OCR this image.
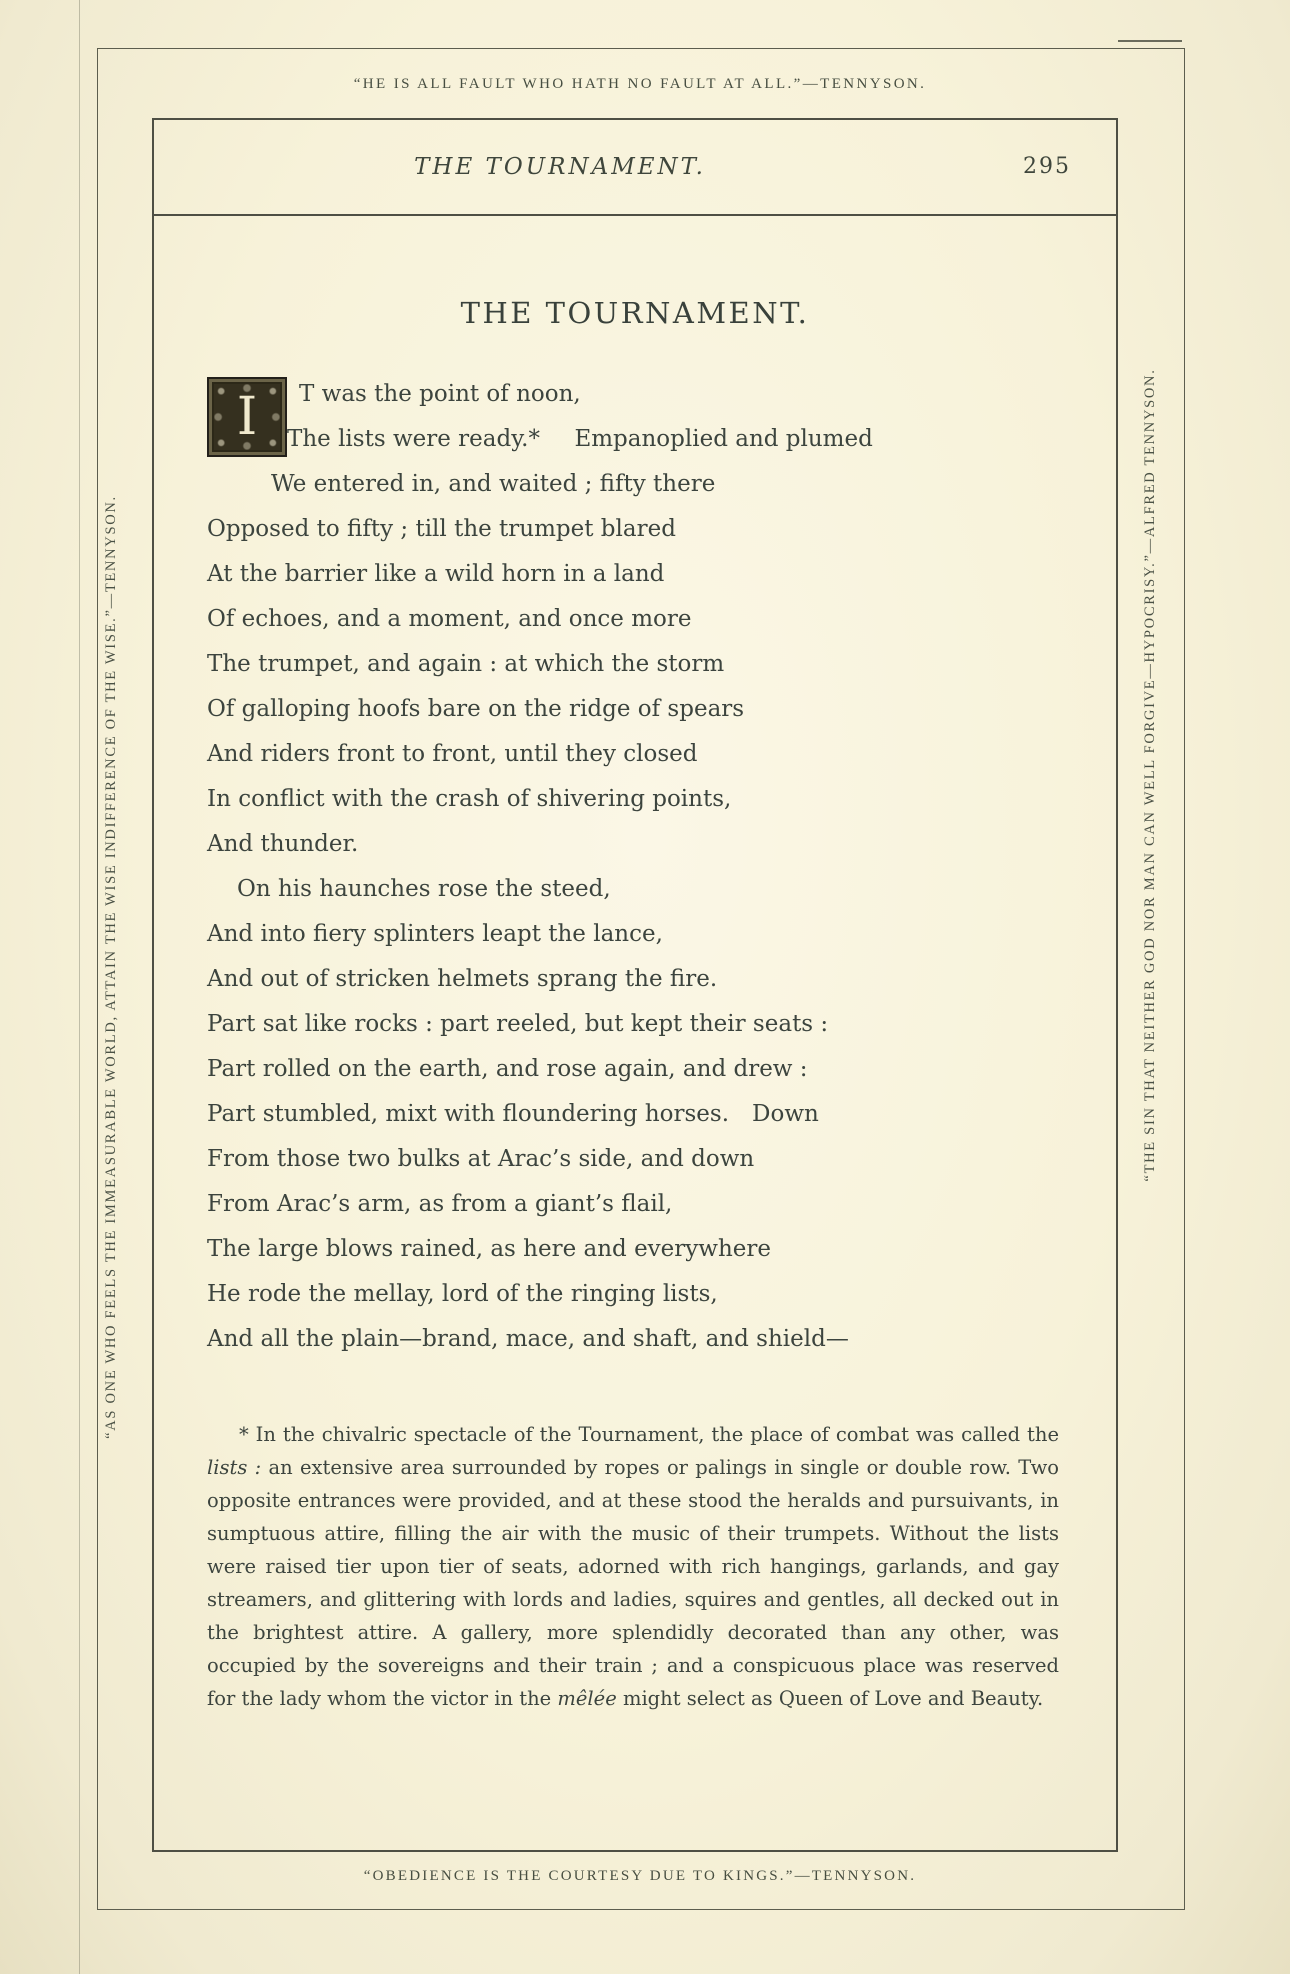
“HE IS ALL FAULT WHO HATH NO FAULT AT ALL.”—TENNYSON.
“AS ONE WHO FEELS THE IMMEASURABLE WORLD, ATTAIN THE WISE INDIFFERENCE OF THE WISE.”—TENNYSON.	“THE SIN THAT NEITHER GOD NOR MAN CAN WELL FORGIVE—HYPOCRISY.”—ALFRED TENNYSON.
THE TOURNAMENT.	295
THE TOURNAMENT.
I	T was the point of noon,
The lists were ready.*  Empanoplied and plumed
We entered in, and waited ; fifty there
Opposed to fifty ; till the trumpet blared
At the barrier like a wild horn in a land
Of echoes, and a moment, and once more
The trumpet, and again : at which the storm
Of galloping hoofs bare on the ridge of spears
And riders front to front, until they closed
In conflict with the crash of shivering points,
And thunder.
On his haunches rose the steed,
And into fiery splinters leapt the lance,
And out of stricken helmets sprang the fire.
Part sat like rocks : part reeled, but kept their seats :
Part rolled on the earth, and rose again, and drew :
Part stumbled, mixt with floundering horses. Down
From those two bulks at Arac’s side, and down
From Arac’s arm, as from a giant’s flail,
The large blows rained, as here and everywhere
He rode the mellay, lord of the ringing lists,
And all the plain—brand, mace, and shaft, and shield—

* In the chivalric spectacle of the Tournament, the place of combat was called the lists : an extensive area surrounded by ropes or palings in single or double row. Two opposite entrances were provided, and at these stood the heralds and pursuivants, in sumptuous attire, filling the air with the music of their trumpets. Without the lists were raised tier upon tier of seats, adorned with rich hangings, garlands, and gay streamers, and glittering with lords and ladies, squires and gentles, all decked out in the brightest attire. A gallery, more splendidly decorated than any other, was occupied by the sovereigns and their train ; and a conspicuous place was reserved for the lady whom the victor in the mêlée might select as Queen of Love and Beauty.

“OBEDIENCE IS THE COURTESY DUE TO KINGS.”—TENNYSON.
